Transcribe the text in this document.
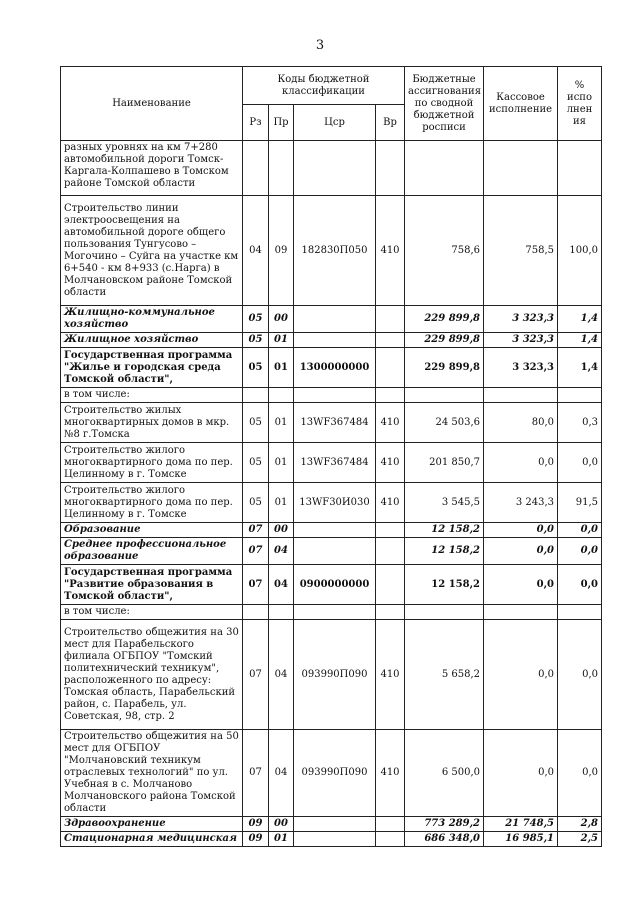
3
Наименование	Коды бюджетной классификации				Бюджетные ассигнования по сводной бюджетной росписи	Кассовое исполнение	% испо лнен ия
	Рз	Пр	Цср	Вр			
разных уровнях на км 7+280 автомобильной дороги Томск-Каргала-Колпашево в Томском районе Томской области							
Строительство линии электроосвещения на автомобильной дороге общего пользования Тунгусово – Могочино – Суйга на участке км 6+540 - км 8+933 (с.Нарга) в Молчановском районе Томской области	04	09	182830П050	410	758,6	758,5	100,0
Жилищно-коммунальное хозяйство	05	00			229 899,8	3 323,3	1,4
Жилищное хозяйство	05	01			229 899,8	3 323,3	1,4
Государственная программа "Жилье и городская среда Томской области",	05	01	1300000000		229 899,8	3 323,3	1,4
в том числе:							
Строительство жилых многоквартирных домов в мкр.№8 г.Томска	05	01	13WF367484	410	24 503,6	80,0	0,3
Строительство жилого многоквартирного дома по пер. Целинному в г. Томске	05	01	13WF367484	410	201 850,7	0,0	0,0
Строительство жилого многоквартирного дома по пер. Целинному в г. Томске	05	01	13WF30И030	410	3 545,5	3 243,3	91,5
Образование	07	00			12 158,2	0,0	0,0
Среднее профессиональное образование	07	04			12 158,2	0,0	0,0
Государственная программа "Развитие образования в Томской области",	07	04	0900000000		12 158,2	0,0	0,0
в том числе:							
Строительство общежития на 30 мест для Парабельского филиала ОГБПОУ "Томский политехнический техникум", расположенного по адресу: Томская область, Парабельский район, с. Парабель, ул. Советская, 98, стр. 2	07	04	093990П090	410	5 658,2	0,0	0,0
Строительство общежития на 50 мест для ОГБПОУ "Молчановский техникум отраслевых технологий" по ул. Учебная в с. Молчаново Молчановского района Томской области	07	04	093990П090	410	6 500,0	0,0	0,0
Здравоохранение	09	00			773 289,2	21 748,5	2,8
Стационарная медицинская	09	01			686 348,0	16 985,1	2,5
